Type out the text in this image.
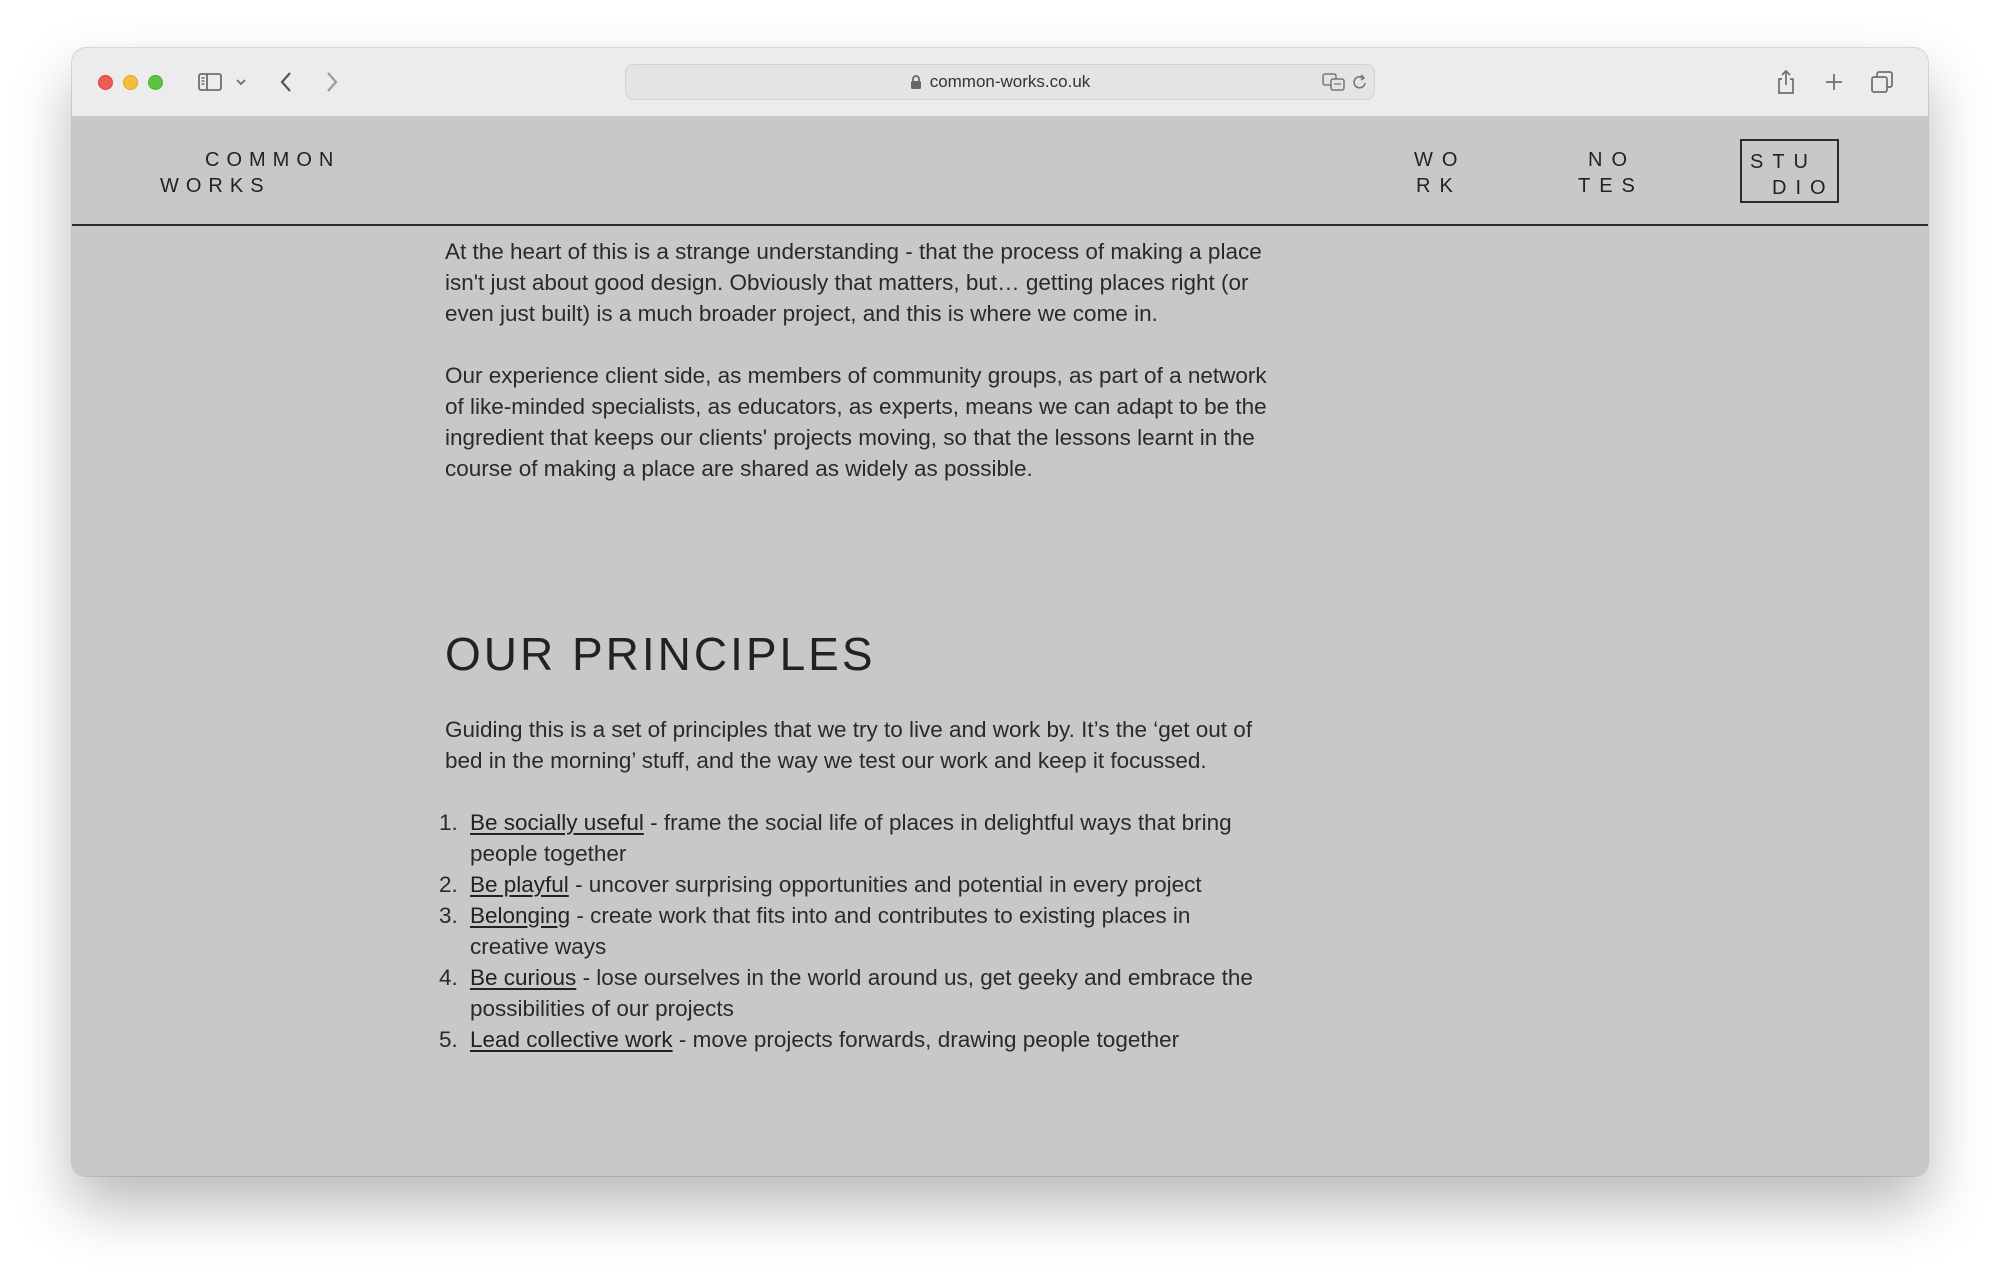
common-works.co.uk
COMMON
WORKS
WO
RK
NO
TES
STU
DIO

At the heart of this is a strange understanding - that the process of making a place isn't just about good design. Obviously that matters, but… getting places right (or even just built) is a much broader project, and this is where we come in.

Our experience client side, as members of community groups, as part of a network of like-minded specialists, as educators, as experts, means we can adapt to be the ingredient that keeps our clients' projects moving, so that the lessons learnt in the course of making a place are shared as widely as possible.

OUR PRINCIPLES

Guiding this is a set of principles that we try to live and work by. It’s the ‘get out of bed in the morning’ stuff, and the way we test our work and keep it focussed.

1. Be socially useful - frame the social life of places in delightful ways that bring people together
2. Be playful - uncover surprising opportunities and potential in every project
3. Belonging - create work that fits into and contributes to existing places in creative ways
4. Be curious - lose ourselves in the world around us, get geeky and embrace the possibilities of our projects
5. Lead collective work - move projects forwards, drawing people together
